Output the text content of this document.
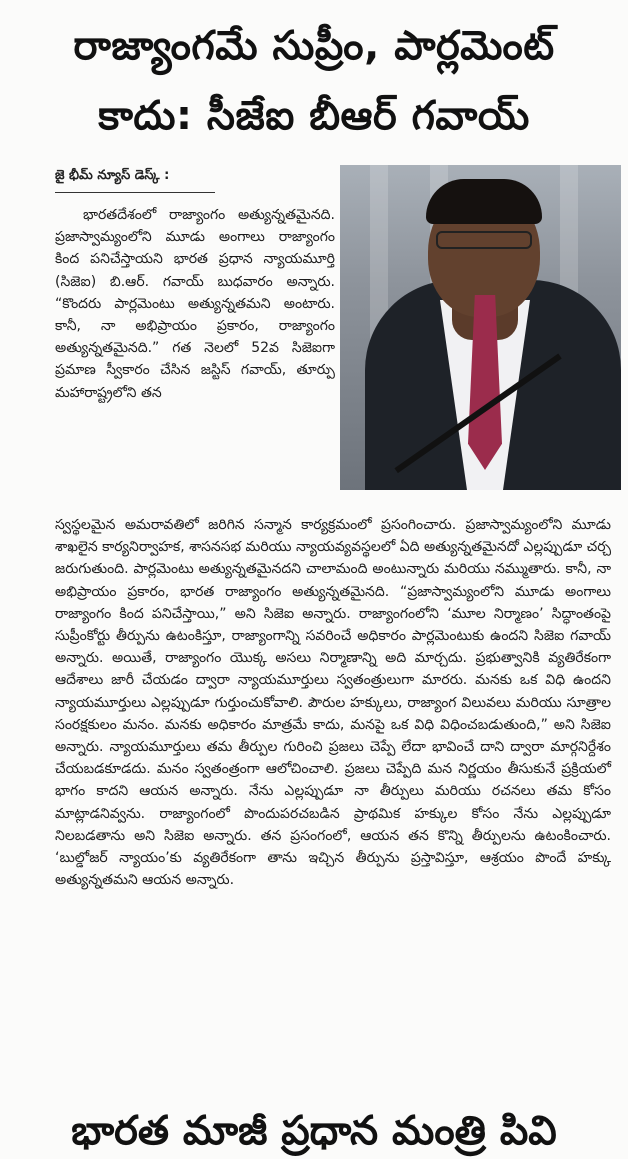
రాజ్యాంగమే సుప్రీం, పార్లమెంట్
కాదు: సీజేఐ బీఆర్ గవాయ్
జై భీమ్ న్యూస్ డెస్క్ :

భారతదేశంలో రాజ్యాంగం అత్యున్నతమైనది. ప్రజాస్వామ్యంలోని మూడు అంగాలు రాజ్యాంగం కింద పనిచేస్తాయని భారత ప్రధాన న్యాయమూర్తి (సిజెఐ) బి.ఆర్. గవాయ్ బుధవారం అన్నారు. “కొందరు పార్లమెంటు అత్యున్నతమని అంటారు. కానీ, నా అభిప్రాయం ప్రకారం, రాజ్యాంగం అత్యున్నతమైనది.” గత నెలలో 52వ సిజెఐగా ప్రమాణ స్వీకారం చేసిన జస్టిస్ గవాయ్, తూర్పు మహారాష్ట్రలోని తన

స్వస్థలమైన అమరావతిలో జరిగిన సన్మాన కార్యక్రమంలో ప్రసంగించారు. ప్రజాస్వామ్యంలోని మూడు శాఖలైన కార్యనిర్వాహక, శాసనసభ మరియు న్యాయవ్యవస్థలలో ఏది అత్యున్నతమైనదో ఎల్లప్పుడూ చర్చ జరుగుతుంది. పార్లమెంటు అత్యున్నతమైనదని చాలామంది అంటున్నారు మరియు నమ్ముతారు. కానీ, నా అభిప్రాయం ప్రకారం, భారత రాజ్యాంగం అత్యున్నతమైనది. “ప్రజాస్వామ్యంలోని మూడు అంగాలు రాజ్యాంగం కింద పనిచేస్తాయి,” అని సిజెఐ అన్నారు. రాజ్యాంగంలోని ‘మూల నిర్మాణం’ సిద్ధాంతంపై సుప్రీంకోర్టు తీర్పును ఉటంకిస్తూ, రాజ్యాంగాన్ని సవరించే అధికారం పార్లమెంటుకు ఉందని సిజెఐ గవాయ్ అన్నారు. అయితే, రాజ్యాంగం యొక్క అసలు నిర్మాణాన్ని అది మార్చదు. ప్రభుత్వానికి వ్యతిరేకంగా ఆదేశాలు జారీ చేయడం ద్వారా న్యాయమూర్తులు స్వతంత్రులుగా మారరు. మనకు ఒక విధి ఉందని న్యాయమూర్తులు ఎల్లప్పుడూ గుర్తుంచుకోవాలి. పౌరుల హక్కులు, రాజ్యాంగ విలువలు మరియు సూత్రాల సంరక్షకులం మనం. మనకు అధికారం మాత్రమే కాదు, మనపై ఒక విధి విధించబడుతుంది,” అని సిజెఐ అన్నారు. న్యాయమూర్తులు తమ తీర్పుల గురించి ప్రజలు చెప్పే లేదా భావించే దాని ద్వారా మార్గనిర్దేశం చేయబడకూడదు. మనం స్వతంత్రంగా ఆలోచించాలి. ప్రజలు చెప్పేది మన నిర్ణయం తీసుకునే ప్రక్రియలో భాగం కాదని ఆయన అన్నారు. నేను ఎల్లప్పుడూ నా తీర్పులు మరియు రచనలు తమ కోసం మాట్లాడనివ్వను. రాజ్యాంగంలో పొందుపరచబడిన ప్రాథమిక హక్కుల కోసం నేను ఎల్లప్పుడూ నిలబడతాను అని సిజెఐ అన్నారు. తన ప్రసంగంలో, ఆయన తన కొన్ని తీర్పులను ఉటంకించారు. ‘బుల్డోజర్ న్యాయం’కు వ్యతిరేకంగా తాను ఇచ్చిన తీర్పును ప్రస్తావిస్తూ, ఆశ్రయం పొందే హక్కు అత్యున్నతమని ఆయన అన్నారు.

భారత మాజీ ప్రధాన మంత్రి పివి
